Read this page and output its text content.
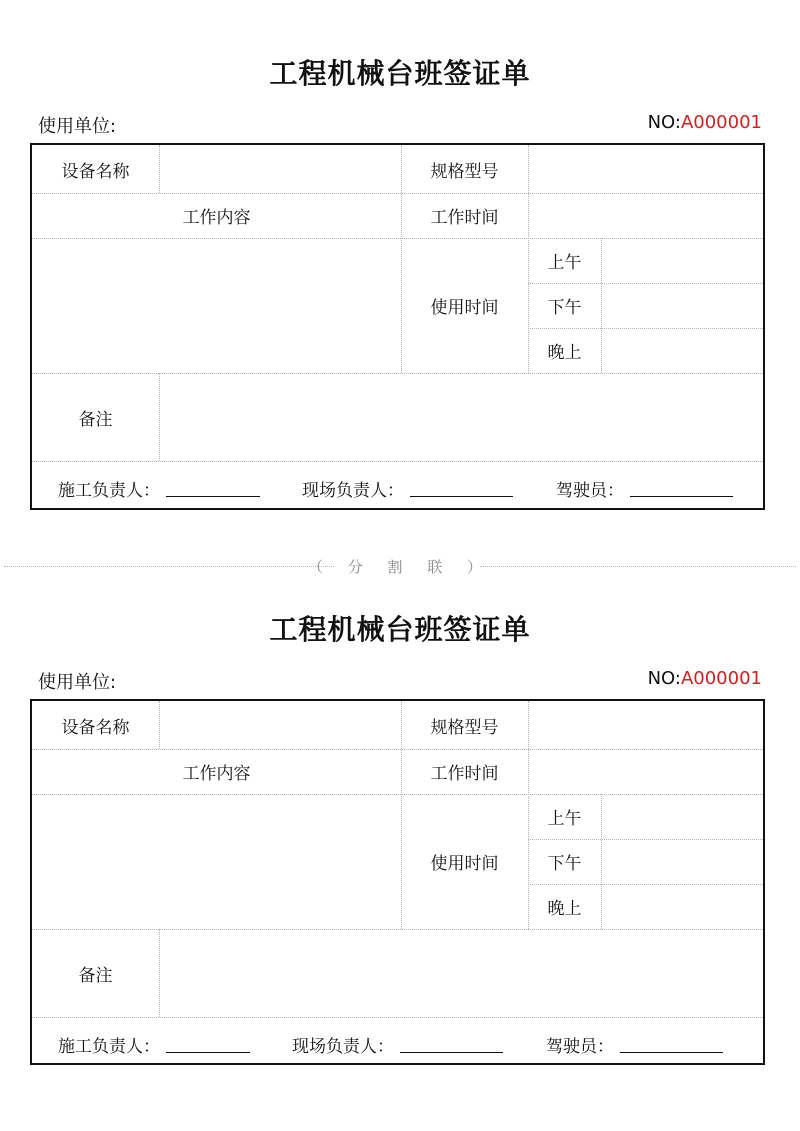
工程机械台班签证单
使用单位:	NO:A000001
设备名称	规格型号
工作内容	工作时间
使用时间
上午
下午
晚上
备注
施工负责人：	现场负责人：	驾驶员：
（ 分 割 联 ）
工程机械台班签证单
使用单位:	NO:A000001
设备名称	规格型号
工作内容	工作时间
使用时间
上午
下午
晚上
备注
施工负责人：	现场负责人：	驾驶员：
